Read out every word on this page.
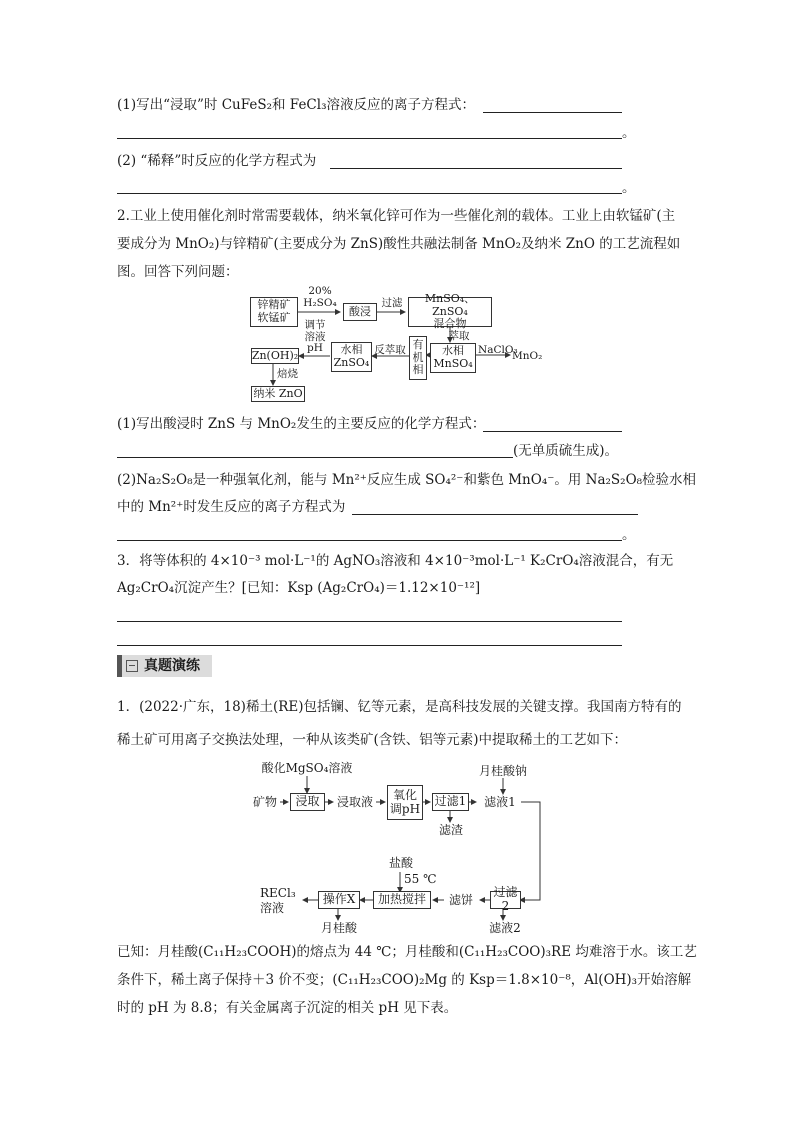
(1)写出“浸取”时 CuFeS₂和 FeCl₃溶液反应的离子方程式：
。
(2) “稀释”时反应的化学方程式为
。
2.工业上使用催化剂时常需要载体，纳米氧化锌可作为一些催化剂的载体。工业上由软锰矿(主
要成分为 MnO₂)与锌精矿(主要成分为 ZnS)酸性共融法制备 MnO₂及纳米 ZnO 的工艺流程如
图。回答下列问题：
锌精矿
软锰矿
20%
H₂SO₄
酸浸
过滤	MnSO₄、ZnSO₄
混合物
萃取
有
机
相
水相
MnSO₄
NaClO₃
MnO₂
反萃取
水相
ZnSO₄
调节
溶液
pH
Zn(OH)₂
焙烧
纳米 ZnO
(1)写出酸浸时 ZnS 与 MnO₂发生的主要反应的化学方程式：
(无单质硫生成)。
(2)Na₂S₂O₈是一种强氧化剂，能与 Mn²⁺反应生成 SO₄²⁻和紫色 MnO₄⁻。用 Na₂S₂O₈检验水相
中的 Mn²⁺时发生反应的离子方程式为
。
3．将等体积的 4×10⁻³ mol·L⁻¹的 AgNO₃溶液和 4×10⁻³mol·L⁻¹ K₂CrO₄溶液混合，有无
Ag₂CrO₄沉淀产生？[已知：Ksp (Ag₂CrO₄)＝1.12×10⁻¹²]
真题演练
1．(2022·广东，18)稀土(RE)包括镧、钇等元素，是高科技发展的关键支撑。我国南方特有的
稀土矿可用离子交换法处理，一种从该类矿(含铁、铝等元素)中提取稀土的工艺如下：
酸化MgSO₄溶液
矿物	浸取	浸取液
氧化
调pH
过滤1
月桂酸钠
滤液1
滤渣
盐酸
55 ℃
RECl₃
溶液
操作X	加热搅拌	滤饼
过滤2
月桂酸	滤液2
已知：月桂酸(C₁₁H₂₃COOH)的熔点为 44 ℃；月桂酸和(C₁₁H₂₃COO)₃RE 均难溶于水。该工艺
条件下，稀土离子保持＋3 价不变；(C₁₁H₂₃COO)₂Mg 的 Ksp＝1.8×10⁻⁸，Al(OH)₃开始溶解
时的 pH 为 8.8；有关金属离子沉淀的相关 pH 见下表。
